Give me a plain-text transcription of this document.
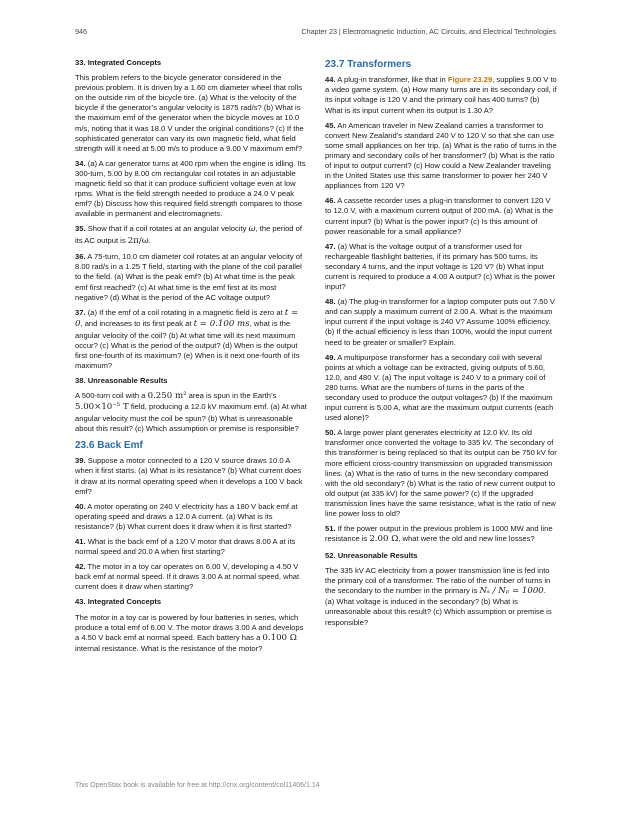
946	Chapter 23 | Electromagnetic Induction, AC Circuits, and Electrical Technologies
33. Integrated Concepts
This problem refers to the bicycle generator considered in the previous problem. It is driven by a 1.60 cm diameter wheel that rolls on the outside rim of the bicycle tire. (a) What is the velocity of the bicycle if the generator’s angular velocity is 1875 rad/s? (b) What is the maximum emf of the generator when the bicycle moves at 10.0 m/s, noting that it was 18.0 V under the original conditions? (c) If the sophisticated generator can vary its own magnetic field, what field strength will it need at 5.00 m/s to produce a 9.00 V maximum emf?
34. (a) A car generator turns at 400 rpm when the engine is idling. Its 300-turn, 5.00 by 8.00 cm rectangular coil rotates in an adjustable magnetic field so that it can produce sufficient voltage even at low rpms. What is the field strength needed to produce a 24.0 V peak emf? (b) Discuss how this required field strength compares to those available in permanent and electromagnets.
35. Show that if a coil rotates at an angular velocity ω, the period of its AC output is 2π/ω.
36. A 75-turn, 10.0 cm diameter coil rotates at an angular velocity of 8.00 rad/s in a 1.25 T field, starting with the plane of the coil parallel to the field. (a) What is the peak emf? (b) At what time is the peak emf first reached? (c) At what time is the emf first at its most negative? (d) What is the period of the AC voltage output?
37. (a) If the emf of a coil rotating in a magnetic field is zero at t = 0, and increases to its first peak at t = 0.100 ms, what is the angular velocity of the coil? (b) At what time will its next maximum occur? (c) What is the period of the output? (d) When is the output first one-fourth of its maximum? (e) When is it next one-fourth of its maximum?
38. Unreasonable Results
A 500-turn coil with a 0.250 m² area is spun in the Earth’s 5.00×10⁻⁵ T field, producing a 12.0 kV maximum emf. (a) At what angular velocity must the coil be spun? (b) What is unreasonable about this result? (c) Which assumption or premise is responsible?
23.6 Back Emf
39. Suppose a motor connected to a 120 V source draws 10.0 A when it first starts. (a) What is its resistance? (b) What current does it draw at its normal operating speed when it develops a 100 V back emf?
40. A motor operating on 240 V electricity has a 180 V back emf at operating speed and draws a 12.0 A current. (a) What is its resistance? (b) What current does it draw when it is first started?
41. What is the back emf of a 120 V motor that draws 8.00 A at its normal speed and 20.0 A when first starting?
42. The motor in a toy car operates on 6.00 V, developing a 4.50 V back emf at normal speed. If it draws 3.00 A at normal speed, what current does it draw when starting?
43. Integrated Concepts
The motor in a toy car is powered by four batteries in series, which produce a total emf of 6.00 V. The motor draws 3.00 A and develops a 4.50 V back emf at normal speed. Each battery has a 0.100 Ω internal resistance. What is the resistance of the motor?
23.7 Transformers
44. A plug-in transformer, like that in Figure 23.29, supplies 9.00 V to a video game system. (a) How many turns are in its secondary coil, if its input voltage is 120 V and the primary coil has 400 turns? (b) What is its input current when its output is 1.30 A?
45. An American traveler in New Zealand carries a transformer to convert New Zealand’s standard 240 V to 120 V so that she can use some small appliances on her trip. (a) What is the ratio of turns in the primary and secondary coils of her transformer? (b) What is the ratio of input to output current? (c) How could a New Zealander traveling in the United States use this same transformer to power her 240 V appliances from 120 V?
46. A cassette recorder uses a plug-in transformer to convert 120 V to 12.0 V, with a maximum current output of 200 mA. (a) What is the current input? (b) What is the power input? (c) Is this amount of power reasonable for a small appliance?
47. (a) What is the voltage output of a transformer used for rechargeable flashlight batteries, if its primary has 500 turns, its secondary 4 turns, and the input voltage is 120 V? (b) What input current is required to produce a 4.00 A output? (c) What is the power input?
48. (a) The plug-in transformer for a laptop computer puts out 7.50 V and can supply a maximum current of 2.00 A. What is the maximum input current if the input voltage is 240 V? Assume 100% efficiency. (b) If the actual efficiency is less than 100%, would the input current need to be greater or smaller? Explain.
49. A multipurpose transformer has a secondary coil with several points at which a voltage can be extracted, giving outputs of 5.60, 12.0, and 480 V. (a) The input voltage is 240 V to a primary coil of 280 turns. What are the numbers of turns in the parts of the secondary used to produce the output voltages? (b) If the maximum input current is 5.00 A, what are the maximum output currents (each used alone)?
50. A large power plant generates electricity at 12.0 kV. Its old transformer once converted the voltage to 335 kV. The secondary of this transformer is being replaced so that its output can be 750 kV for more efficient cross-country transmission on upgraded transmission lines. (a) What is the ratio of turns in the new secondary compared with the old secondary? (b) What is the ratio of new current output to old output (at 335 kV) for the same power? (c) If the upgraded transmission lines have the same resistance, what is the ratio of new line power loss to old?
51. If the power output in the previous problem is 1000 MW and line resistance is 2.00 Ω, what were the old and new line losses?
52. Unreasonable Results
The 335 kV AC electricity from a power transmission line is fed into the primary coil of a transformer. The ratio of the number of turns in the secondary to the number in the primary is Nₛ / Nₚ = 1000. (a) What voltage is induced in the secondary? (b) What is unreasonable about this result? (c) Which assumption or premise is responsible?
This OpenStax book is available for free at http://cnx.org/content/col11406/1.14
